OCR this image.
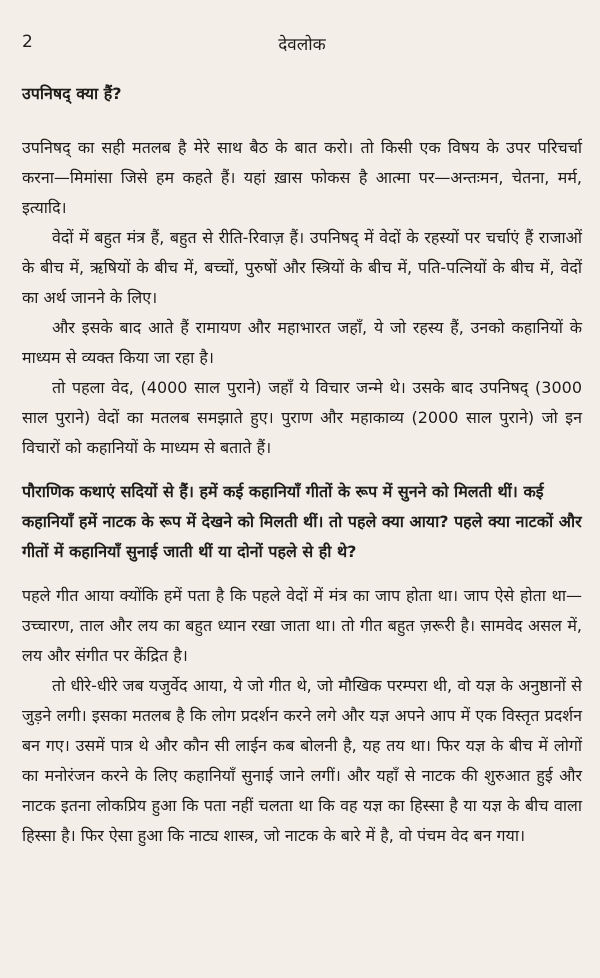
2	देवलोक
उपनिषद् क्या हैं?

उपनिषद् का सही मतलब है मेरे साथ बैठ के बात करो। तो किसी एक विषय के उपर परिचर्चा करना—मिमांसा जिसे हम कहते हैं। यहां ख़ास फोकस है आत्मा पर—अन्तःमन, चेतना, मर्म, इत्यादि।

वेदों में बहुत मंत्र हैं, बहुत से रीति-रिवाज़ हैं। उपनिषद् में वेदों के रहस्यों पर चर्चाएं हैं राजाओं के बीच में, ऋषियों के बीच में, बच्चों, पुरुषों और स्त्रियों के बीच में, पति-पत्नियों के बीच में, वेदों का अर्थ जानने के लिए।

और इसके बाद आते हैं रामायण और महाभारत जहाँ, ये जो रहस्य हैं, उनको कहानियों के माध्यम से व्यक्त किया जा रहा है।

तो पहला वेद, (4000 साल पुराने) जहाँ ये विचार जन्मे थे। उसके बाद उपनिषद् (3000 साल पुराने) वेदों का मतलब समझाते हुए। पुराण और महाकाव्य (2000 साल पुराने) जो इन विचारों को कहानियों के माध्यम से बताते हैं।

पौराणिक कथाएं सदियों से हैं। हमें कई कहानियाँ गीतों के रूप में सुनने को मिलती थीं। कई कहानियाँ हमें नाटक के रूप में देखने को मिलती थीं। तो पहले क्या आया? पहले क्या नाटकों और गीतों में कहानियाँ सुनाई जाती थीं या दोनों पहले से ही थे?

पहले गीत आया क्योंकि हमें पता है कि पहले वेदों में मंत्र का जाप होता था। जाप ऐसे होता था—उच्चारण, ताल और लय का बहुत ध्यान रखा जाता था। तो गीत बहुत ज़रूरी है। सामवेद असल में, लय और संगीत पर केंद्रित है।

तो धीरे-धीरे जब यजुर्वेद आया, ये जो गीत थे, जो मौखिक परम्परा थी, वो यज्ञ के अनुष्ठानों से जुड़ने लगी। इसका मतलब है कि लोग प्रदर्शन करने लगे और यज्ञ अपने आप में एक विस्तृत प्रदर्शन बन गए। उसमें पात्र थे और कौन सी लाईन कब बोलनी है, यह तय था। फिर यज्ञ के बीच में लोगों का मनोरंजन करने के लिए कहानियाँ सुनाई जाने लगीं। और यहाँ से नाटक की शुरुआत हुई और नाटक इतना लोकप्रिय हुआ कि पता नहीं चलता था कि वह यज्ञ का हिस्सा है या यज्ञ के बीच वाला हिस्सा है। फिर ऐसा हुआ कि नाट्य शास्त्र, जो नाटक के बारे में है, वो पंचम वेद बन गया।
